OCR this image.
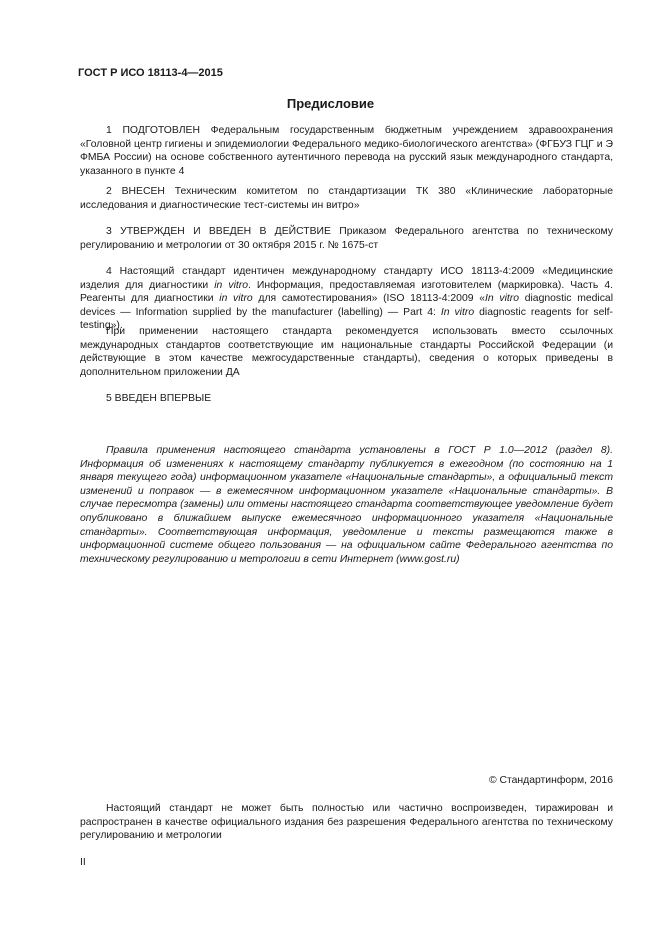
ГОСТ Р ИСО 18113-4—2015
Предисловие

1 ПОДГОТОВЛЕН Федеральным государственным бюджетным учреждением здравоохранения «Головной центр гигиены и эпидемиологии Федерального медико-биологического агентства» (ФГБУЗ ГЦГ и Э ФМБА России) на основе собственного аутентичного перевода на русский язык международного стандарта, указанного в пункте 4

2 ВНЕСЕН Техническим комитетом по стандартизации ТК 380 «Клинические лабораторные исследования и диагностические тест-системы ин витро»

3 УТВЕРЖДЕН И ВВЕДЕН В ДЕЙСТВИЕ Приказом Федерального агентства по техническому регулированию и метрологии от 30 октября 2015 г. № 1675-ст

4 Настоящий стандарт идентичен международному стандарту ИСО 18113-4:2009 «Медицинские изделия для диагностики in vitro. Информация, предоставляемая изготовителем (маркировка). Часть 4. Реагенты для диагностики in vitro для самотестирования» (ISO 18113-4:2009 «In vitro diagnostic medical devices — Information supplied by the manufacturer (labelling) — Part 4: In vitro diagnostic reagents for self-testing»).

При применении настоящего стандарта рекомендуется использовать вместо ссылочных международных стандартов соответствующие им национальные стандарты Российской Федерации (и действующие в этом качестве межгосударственные стандарты), сведения о которых приведены в дополнительном приложении ДА

5 ВВЕДЕН ВПЕРВЫЕ

Правила применения настоящего стандарта установлены в ГОСТ Р 1.0—2012 (раздел 8). Информация об изменениях к настоящему стандарту публикуется в ежегодном (по состоянию на 1 января текущего года) информационном указателе «Национальные стандарты», а официальный текст изменений и поправок — в ежемесячном информационном указателе «Национальные стандарты». В случае пересмотра (замены) или отмены настоящего стандарта соответствующее уведомление будет опубликовано в ближайшем выпуске ежемесячного информационного указателя «Национальные стандарты». Соответствующая информация, уведомление и тексты размещаются также в информационной системе общего пользования — на официальном сайте Федерального агентства по техническому регулированию и метрологии в сети Интернет (www.gost.ru)

© Стандартинформ, 2016

Настоящий стандарт не может быть полностью или частично воспроизведен, тиражирован и распространен в качестве официального издания без разрешения Федерального агентства по техническому регулированию и метрологии

II
